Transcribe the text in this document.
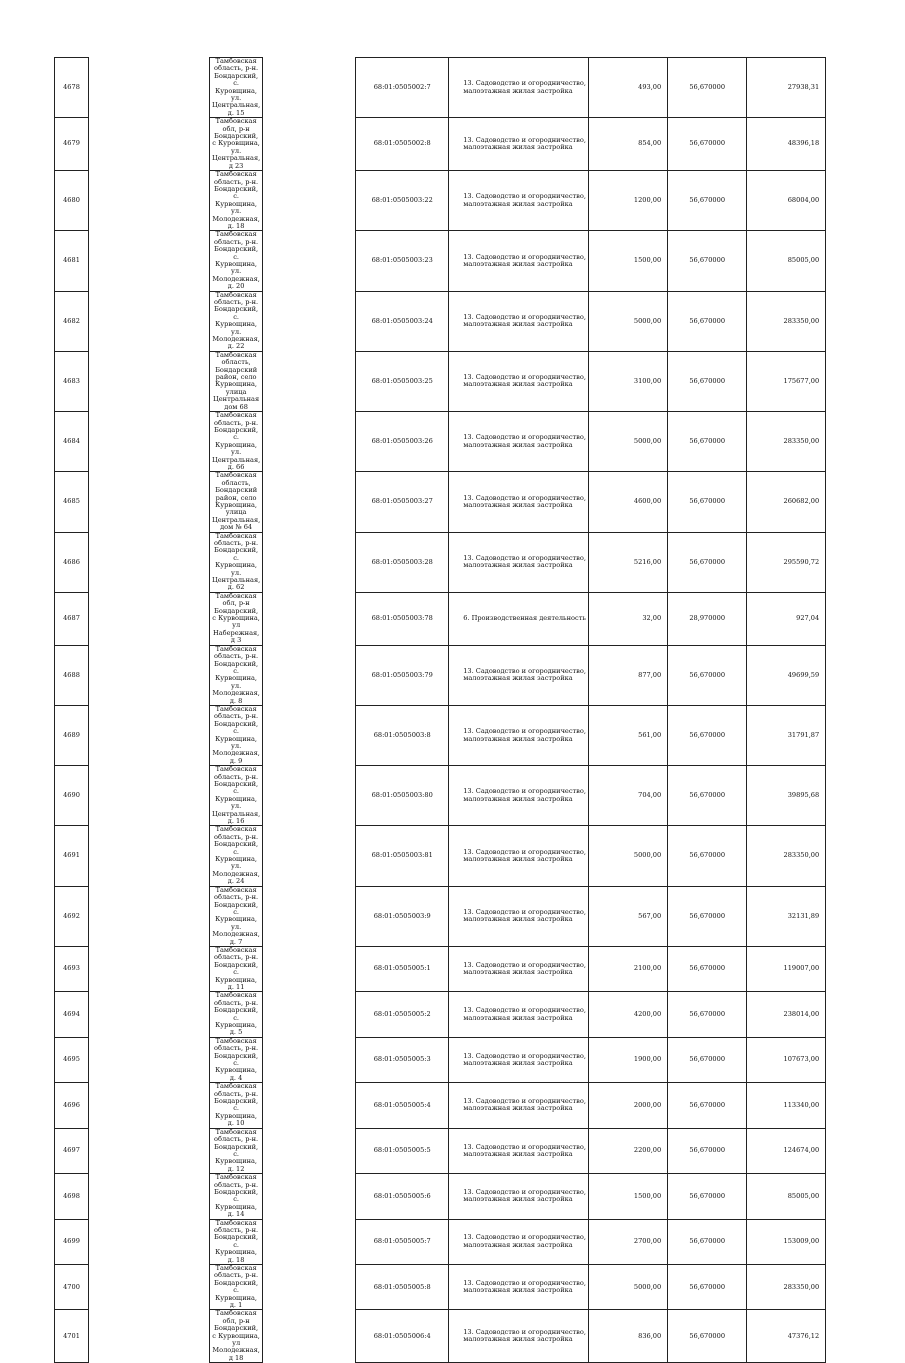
4678		Тамбовская область, р-н. Бондарский, с. Куровщина, ул. Центральная, д. 15		68:01:0505002:7	13. Садоводство и огородничество, малоэтажная жилая застройка	493,00	56,670000	27938,31
4679		Тамбовская обл, р-н Бондарский, с Куровщина, ул. Центральная, д 23		68:01:0505002:8	13. Садоводство и огородничество, малоэтажная жилая застройка	854,00	56,670000	48396,18
4680		Тамбовская область, р-н. Бондарский, с. Курвощина, ул. Молодежная, д. 18		68:01:0505003:22	13. Садоводство и огородничество, малоэтажная жилая застройка	1200,00	56,670000	68004,00
4681		Тамбовская область, р-н. Бондарский, с. Курвощина, ул. Молодежная, д. 20		68:01:0505003:23	13. Садоводство и огородничество, малоэтажная жилая застройка	1500,00	56,670000	85005,00
4682		Тамбовская область, р-н. Бондарский, с. Курвощина, ул. Молодежная, д. 22		68:01:0505003:24	13. Садоводство и огородничество, малоэтажная жилая застройка	5000,00	56,670000	283350,00
4683		Тамбовская область, Бондарский район, село Курвощина, улица Центральная дом 68		68:01:0505003:25	13. Садоводство и огородничество, малоэтажная жилая застройка	3100,00	56,670000	175677,00
4684		Тамбовская область, р-н. Бондарский, с. Курвощина, ул. Центральная, д. 66		68:01:0505003:26	13. Садоводство и огородничество, малоэтажная жилая застройка	5000,00	56,670000	283350,00
4685		Тамбовская область, Бондарский район, село Курвощина, улица Центральная, дом № 64		68:01:0505003:27	13. Садоводство и огородничество, малоэтажная жилая застройка	4600,00	56,670000	260682,00
4686		Тамбовская область, р-н. Бондарский, с. Курвощина, ул. Центральная, д. 62		68:01:0505003:28	13. Садоводство и огородничество, малоэтажная жилая застройка	5216,00	56,670000	295590,72
4687		Тамбовская обл, р-н Бондарский, с Курвощина, ул Набережная, д 3		68:01:0505003:78	6. Производственная деятельность	32,00	28,970000	927,04
4688		Тамбовская область, р-н. Бондарский, с. Курвощина, ул. Молодежная, д. 8		68:01:0505003:79	13. Садоводство и огородничество, малоэтажная жилая застройка	877,00	56,670000	49699,59
4689		Тамбовская область, р-н. Бондарский, с. Курвощина, ул. Молодежная, д. 9		68:01:0505003:8	13. Садоводство и огородничество, малоэтажная жилая застройка	561,00	56,670000	31791,87
4690		Тамбовская область, р-н. Бондарский, с. Курвощина, ул. Центральная, д. 16		68:01:0505003:80	13. Садоводство и огородничество, малоэтажная жилая застройка	704,00	56,670000	39895,68
4691		Тамбовская область, р-н. Бондарский, с. Курвощина, ул. Молодежная, д. 24		68:01:0505003:81	13. Садоводство и огородничество, малоэтажная жилая застройка	5000,00	56,670000	283350,00
4692		Тамбовская область, р-н. Бондарский, с. Курвощина, ул. Молодежная, д. 7		68:01:0505003:9	13. Садоводство и огородничество, малоэтажная жилая застройка	567,00	56,670000	32131,89
4693		Тамбовская область, р-н. Бондарский, с. Курвощина, д. 11		68:01:0505005:1	13. Садоводство и огородничество, малоэтажная жилая застройка	2100,00	56,670000	119007,00
4694		Тамбовская область, р-н. Бондарский, с. Курвощина, д. 5		68:01:0505005:2	13. Садоводство и огородничество, малоэтажная жилая застройка	4200,00	56,670000	238014,00
4695		Тамбовская область, р-н. Бондарский, с. Курвощина, д. 4		68:01:0505005:3	13. Садоводство и огородничество, малоэтажная жилая застройка	1900,00	56,670000	107673,00
4696		Тамбовская область, р-н. Бондарский, с. Курвощина, д. 10		68:01:0505005:4	13. Садоводство и огородничество, малоэтажная жилая застройка	2000,00	56,670000	113340,00
4697		Тамбовская область, р-н. Бондарский, с. Курвощина, д. 12		68:01:0505005:5	13. Садоводство и огородничество, малоэтажная жилая застройка	2200,00	56,670000	124674,00
4698		Тамбовская область, р-н. Бондарский, с. Курвощина, д. 14		68:01:0505005:6	13. Садоводство и огородничество, малоэтажная жилая застройка	1500,00	56,670000	85005,00
4699		Тамбовская область, р-н. Бондарский, с. Курвощина, д. 18		68:01:0505005:7	13. Садоводство и огородничество, малоэтажная жилая застройка	2700,00	56,670000	153009,00
4700		Тамбовская область, р-н. Бондарский, с. Курвощина, д. 1		68:01:0505005:8	13. Садоводство и огородничество, малоэтажная жилая застройка	5000,00	56,670000	283350,00
4701		Тамбовская обл, р-н Бондарский, с Курвощина, ул Молодежная, д 18		68:01:0505006:4	13. Садоводство и огородничество, малоэтажная жилая застройка	836,00	56,670000	47376,12
